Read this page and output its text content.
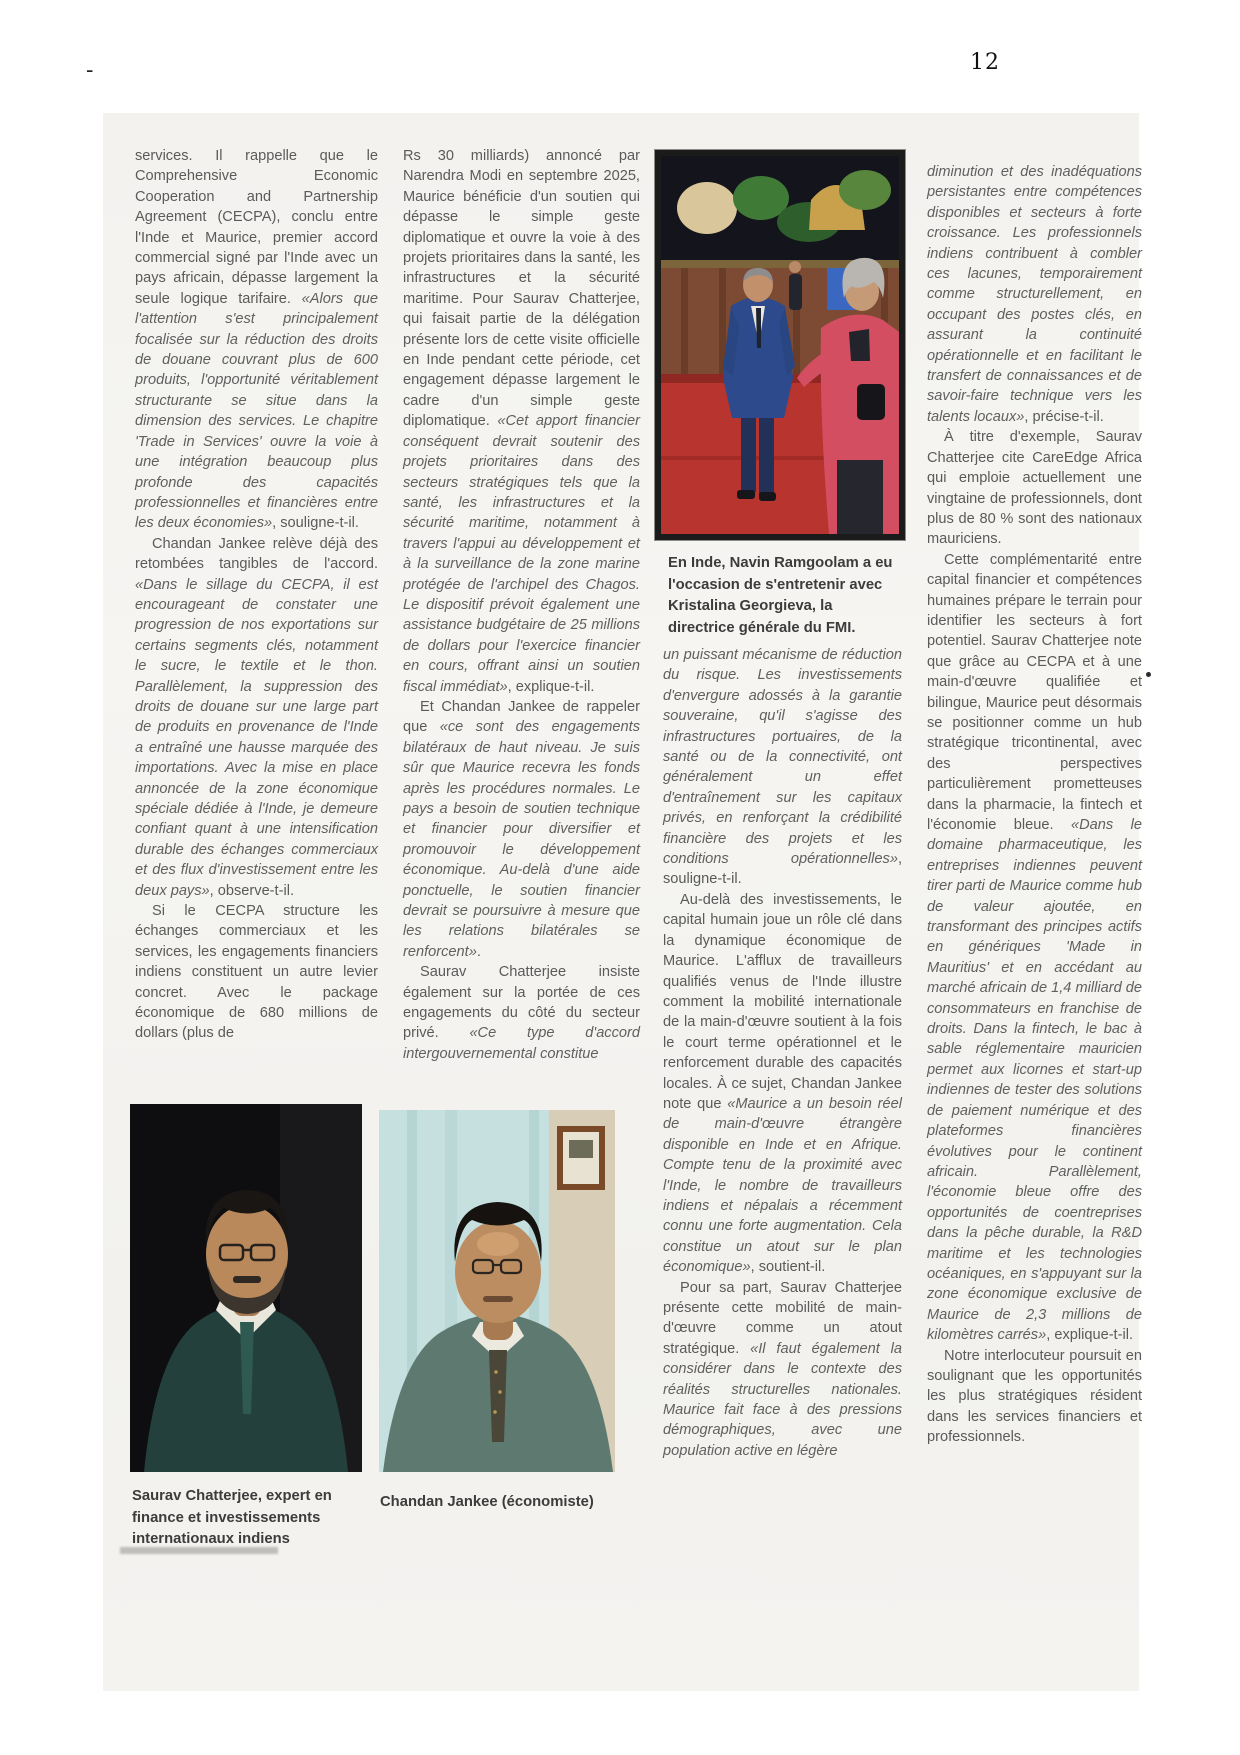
-	12
En Inde, Navin Ramgoolam a eu l'occasion de s'entretenir avec Kristalina Georgieva, la directrice générale du FMI.
Saurav Chatterjee, expert en finance et investissements internationaux indiens
Chandan Jankee (économiste)

services. Il rappelle que le Comprehensive Economic Cooperation and Partnership Agreement (CECPA), conclu entre l'Inde et Maurice, premier accord commercial signé par l'Inde avec un pays africain, dépasse largement la seule logique tarifaire. «Alors que l'attention s'est principalement focalisée sur la réduction des droits de douane couvrant plus de 600 produits, l'opportunité véritablement structurante se situe dans la dimension des services. Le chapitre 'Trade in Services' ouvre la voie à une intégration beaucoup plus profonde des capacités professionnelles et financières entre les deux économies», souligne-t-il.

Chandan Jankee relève déjà des retombées tangibles de l'accord. «Dans le sillage du CECPA, il est encourageant de constater une progression de nos exportations sur certains segments clés, notamment le sucre, le textile et le thon. Parallèlement, la suppression des droits de douane sur une large part de produits en provenance de l'Inde a entraîné une hausse marquée des importations. Avec la mise en place annoncée de la zone économique spéciale dédiée à l'Inde, je demeure confiant quant à une intensification durable des échanges commerciaux et des flux d'investissement entre les deux pays», observe-t-il.

Si le CECPA structure les échanges commerciaux et les services, les engagements financiers indiens constituent un autre levier concret. Avec le package économique de 680 millions de dollars (plus de

Rs 30 milliards) annoncé par Narendra Modi en septembre 2025, Maurice bénéficie d'un soutien qui dépasse le simple geste diplomatique et ouvre la voie à des projets prioritaires dans la santé, les infrastructures et la sécurité maritime. Pour Saurav Chatterjee, qui faisait partie de la délégation présente lors de cette visite officielle en Inde pendant cette période, cet engagement dépasse largement le cadre d'un simple geste diplomatique. «Cet apport financier conséquent devrait soutenir des projets prioritaires dans des secteurs stratégiques tels que la santé, les infrastructures et la sécurité maritime, notamment à travers l'appui au développement et à la surveillance de la zone marine protégée de l'archipel des Chagos. Le dispositif prévoit également une assistance budgétaire de 25 millions de dollars pour l'exercice financier en cours, offrant ainsi un soutien fiscal immédiat», explique-t-il.

Et Chandan Jankee de rappeler que «ce sont des engagements bilatéraux de haut niveau. Je suis sûr que Maurice recevra les fonds après les procédures normales. Le pays a besoin de soutien technique et financier pour diversifier et promouvoir le développement économique. Au-delà d'une aide ponctuelle, le soutien financier devrait se poursuivre à mesure que les relations bilatérales se renforcent».

Saurav Chatterjee insiste également sur la portée de ces engagements du côté du secteur privé. «Ce type d'accord intergouvernemental constitue

un puissant mécanisme de réduction du risque. Les investissements d'envergure adossés à la garantie souveraine, qu'il s'agisse des infrastructures portuaires, de la santé ou de la connectivité, ont généralement un effet d'entraînement sur les capitaux privés, en renforçant la crédibilité financière des projets et les conditions opérationnelles», souligne-t-il.

Au-delà des investissements, le capital humain joue un rôle clé dans la dynamique économique de Maurice. L'afflux de travailleurs qualifiés venus de l'Inde illustre comment la mobilité internationale de la main-d'œuvre soutient à la fois le court terme opérationnel et le renforcement durable des capacités locales. À ce sujet, Chandan Jankee note que «Maurice a un besoin réel de main-d'œuvre étrangère disponible en Inde et en Afrique. Compte tenu de la proximité avec l'Inde, le nombre de travailleurs indiens et népalais a récemment connu une forte augmentation. Cela constitue un atout sur le plan économique», soutient-il.

Pour sa part, Saurav Chatterjee présente cette mobilité de main-d'œuvre comme un atout stratégique. «Il faut également la considérer dans le contexte des réalités structurelles nationales. Maurice fait face à des pressions démographiques, avec une population active en légère

diminution et des inadéquations persistantes entre compétences disponibles et secteurs à forte croissance. Les professionnels indiens contribuent à combler ces lacunes, temporairement comme structurellement, en occupant des postes clés, en assurant la continuité opérationnelle et en facilitant le transfert de connaissances et de savoir-faire technique vers les talents locaux», précise-t-il.

À titre d'exemple, Saurav Chatterjee cite CareEdge Africa qui emploie actuellement une vingtaine de professionnels, dont plus de 80 % sont des nationaux mauriciens.

Cette complémentarité entre capital financier et compétences humaines prépare le terrain pour identifier les secteurs à fort potentiel. Saurav Chatterjee note que grâce au CECPA et à une main-d'œuvre qualifiée et bilingue, Maurice peut désormais se positionner comme un hub stratégique tricontinental, avec des perspectives particulièrement prometteuses dans la pharmacie, la fintech et l'économie bleue. «Dans le domaine pharmaceutique, les entreprises indiennes peuvent tirer parti de Maurice comme hub de valeur ajoutée, en transformant des principes actifs en génériques 'Made in Mauritius' et en accédant au marché africain de 1,4 milliard de consommateurs en franchise de droits. Dans la fintech, le bac à sable réglementaire mauricien permet aux licornes et start-up indiennes de tester des solutions de paiement numérique et des plateformes financières évolutives pour le continent africain. Parallèlement, l'économie bleue offre des opportunités de coentreprises dans la pêche durable, la R&D maritime et les technologies océaniques, en s'appuyant sur la zone économique exclusive de Maurice de 2,3 millions de kilomètres carrés», explique-t-il.

Notre interlocuteur poursuit en soulignant que les opportunités les plus stratégiques résident dans les services financiers et professionnels.
